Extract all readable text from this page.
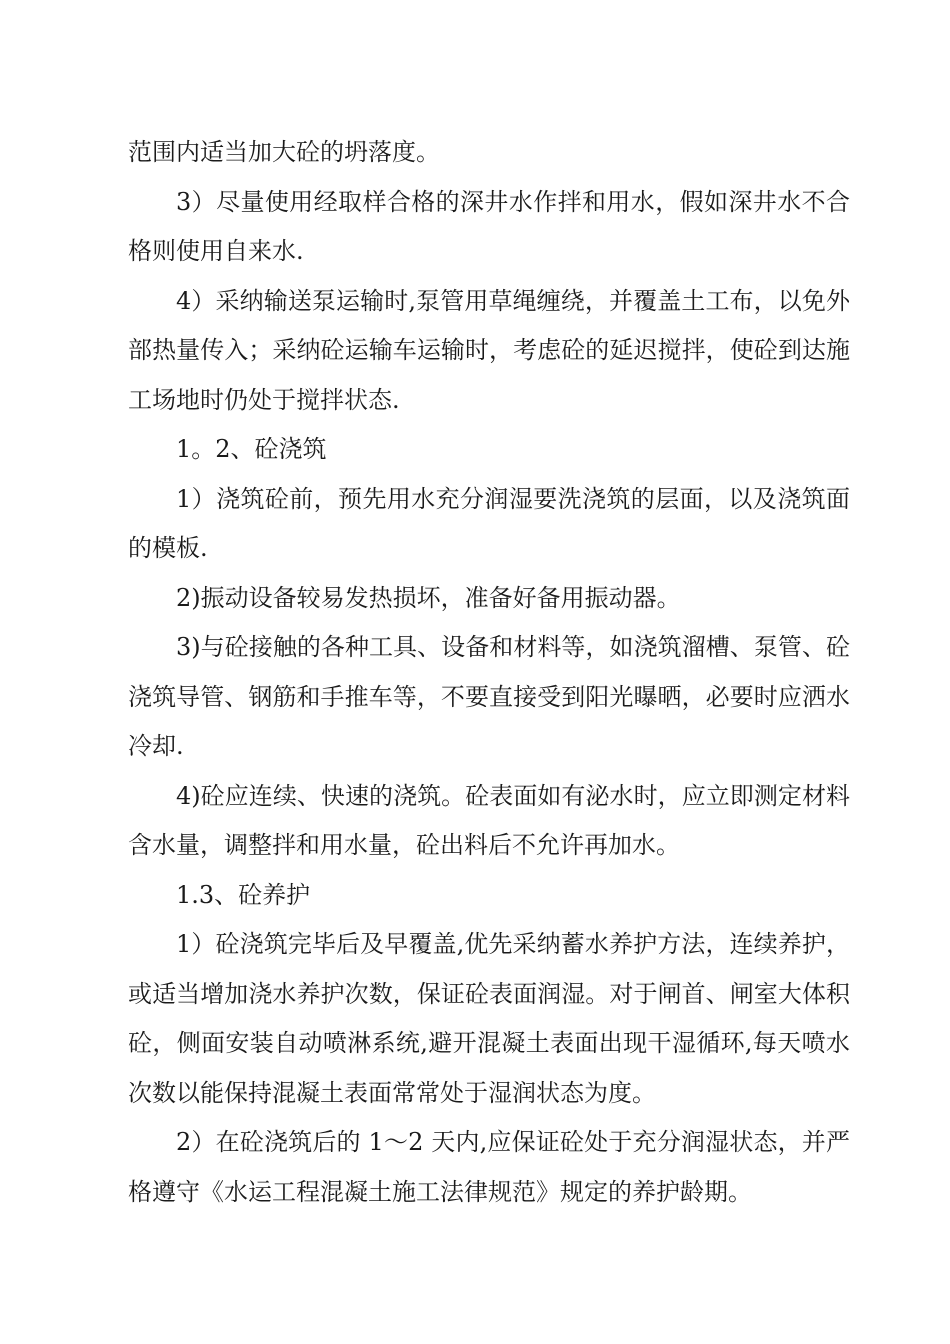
范围内适当加大砼的坍落度。

3）尽量使用经取样合格的深井水作拌和用水，假如深井水不合格则使用自来水.

4）采纳输送泵运输时,泵管用草绳缠绕，并覆盖土工布，以免外部热量传入；采纳砼运输车运输时，考虑砼的延迟搅拌，使砼到达施工场地时仍处于搅拌状态.

1。2、砼浇筑

1）浇筑砼前，预先用水充分润湿要洗浇筑的层面，以及浇筑面的模板.

2)振动设备较易发热损坏，准备好备用振动器。

3)与砼接触的各种工具、设备和材料等，如浇筑溜槽、泵管、砼浇筑导管、钢筋和手推车等，不要直接受到阳光曝晒，必要时应洒水冷却.

4)砼应连续、快速的浇筑。砼表面如有泌水时，应立即测定材料含水量，调整拌和用水量，砼出料后不允许再加水。

1.3、砼养护

1）砼浇筑完毕后及早覆盖,优先采纳蓄水养护方法，连续养护，或适当增加浇水养护次数，保证砼表面润湿。对于闸首、闸室大体积砼，侧面安装自动喷淋系统,避开混凝土表面出现干湿循环,每天喷水次数以能保持混凝土表面常常处于湿润状态为度。

2）在砼浇筑后的 1～2 天内,应保证砼处于充分润湿状态，并严格遵守《水运工程混凝土施工法律规范》规定的养护龄期。
